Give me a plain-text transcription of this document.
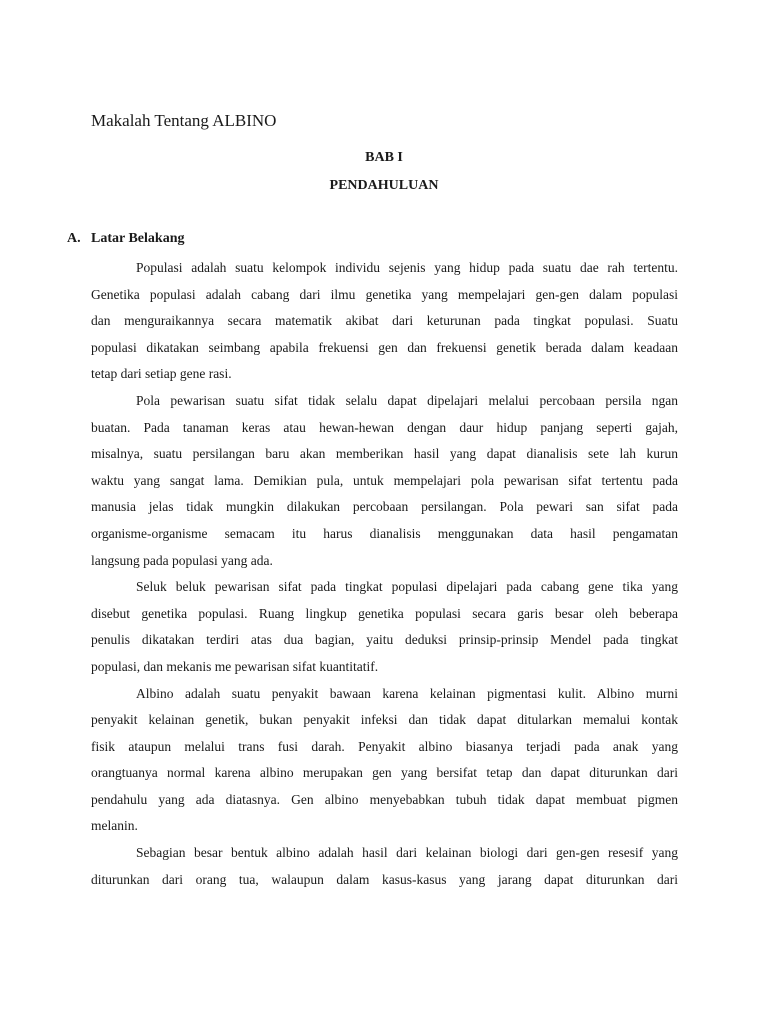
Makalah Tentang ALBINO
BAB I
PENDAHULUAN
A. Latar Belakang

Populasi adalah suatu kelompok individu sejenis yang hidup pada suatu dae rah tertentu.
Genetika populasi adalah cabang dari ilmu genetika yang mempelajari gen-gen dalam populasi
dan menguraikannya secara matematik akibat dari keturunan pada tingkat populasi. Suatu
populasi dikatakan seimbang apabila frekuensi gen dan frekuensi genetik berada dalam keadaan
tetap dari setiap gene rasi.

Pola pewarisan suatu sifat tidak selalu dapat dipelajari melalui percobaan persila ngan
buatan. Pada tanaman keras atau hewan-hewan dengan daur hidup panjang seperti gajah,
misalnya, suatu persilangan baru akan memberikan hasil yang dapat dianalisis sete lah kurun
waktu yang sangat lama. Demikian pula, untuk mempelajari pola pewarisan sifat tertentu pada
manusia jelas tidak mungkin dilakukan percobaan persilangan. Pola pewari san sifat pada
organisme-organisme semacam itu harus dianalisis menggunakan data hasil pengamatan
langsung pada populasi yang ada.

Seluk beluk pewarisan sifat pada tingkat populasi dipelajari pada cabang gene tika yang
disebut genetika populasi. Ruang lingkup genetika populasi secara garis besar oleh beberapa
penulis dikatakan terdiri atas dua bagian, yaitu deduksi prinsip-prinsip Mendel pada tingkat
populasi, dan mekanis me pewarisan sifat kuantitatif.

Albino adalah suatu penyakit bawaan karena kelainan pigmentasi kulit. Albino murni
penyakit kelainan genetik, bukan penyakit infeksi dan tidak dapat ditularkan memalui kontak
fisik ataupun melalui trans fusi darah. Penyakit albino biasanya terjadi pada anak yang
orangtuanya normal karena albino merupakan gen yang bersifat tetap dan dapat diturunkan dari
pendahulu yang ada diatasnya. Gen albino menyebabkan tubuh tidak dapat membuat pigmen
melanin.

Sebagian besar bentuk albino adalah hasil dari kelainan biologi dari gen-gen resesif yang
diturunkan dari orang tua, walaupun dalam kasus-kasus yang jarang dapat diturunkan dari
